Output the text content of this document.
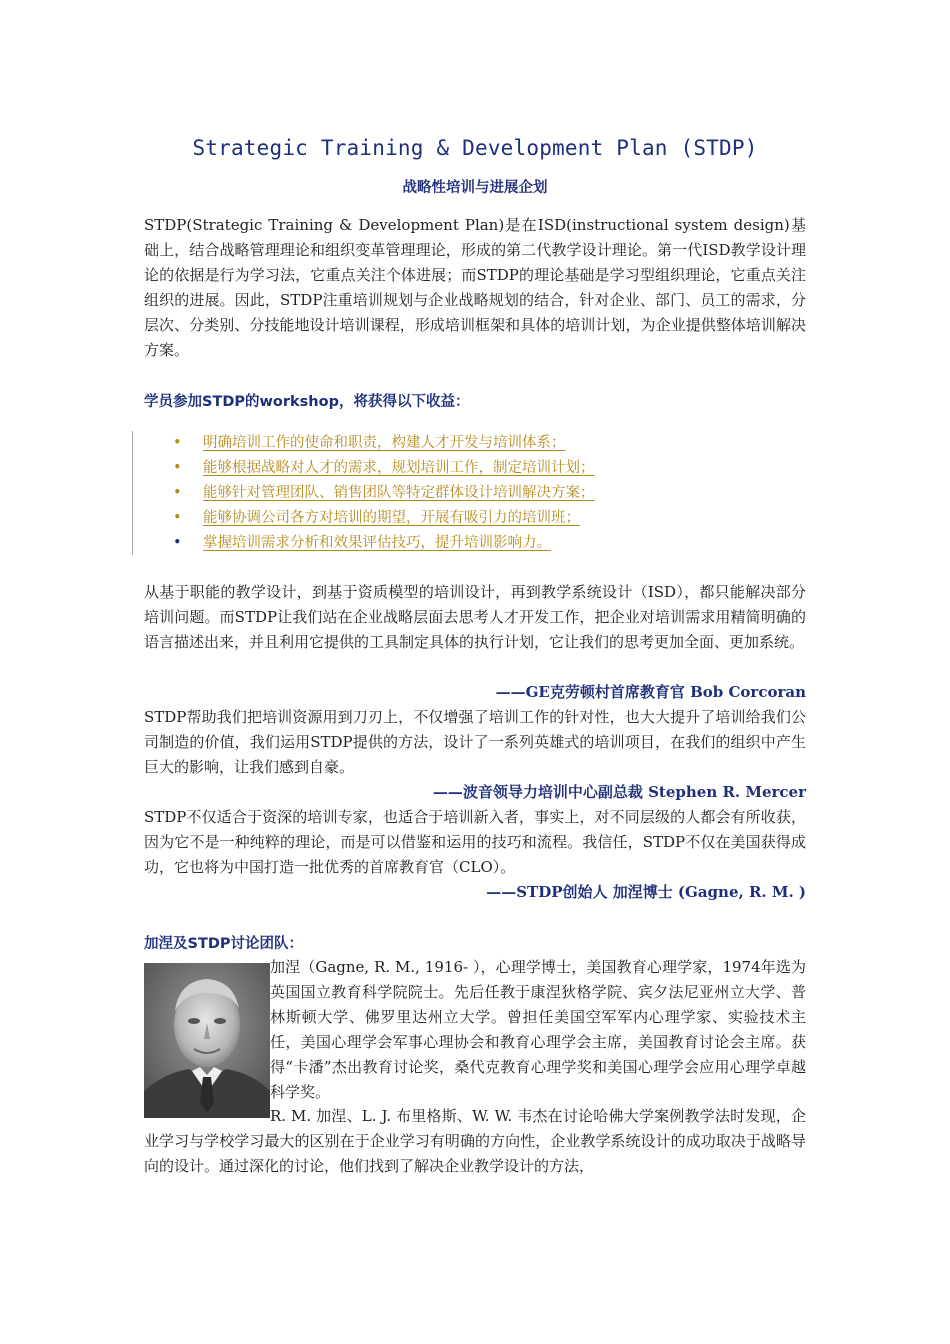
Strategic Training & Development Plan (STDP)
战略性培训与进展企划

STDP(Strategic Training & Development Plan)是在ISD(instructional system design)基础上，结合战略管理理论和组织变革管理理论，形成的第二代教学设计理论。第一代ISD教学设计理论的依据是行为学习法，它重点关注个体进展；而STDP的理论基础是学习型组织理论，它重点关注组织的进展。因此，STDP注重培训规划与企业战略规划的结合，针对企业、部门、员工的需求，分层次、分类别、分技能地设计培训课程，形成培训框架和具体的培训计划，为企业提供整体培训解决方案。

学员参加STDP的workshop，将获得以下收益：

• 明确培训工作的使命和职责，构建人才开发与培训体系；
• 能够根据战略对人才的需求，规划培训工作，制定培训计划；
• 能够针对管理团队、销售团队等特定群体设计培训解决方案；
• 能够协调公司各方对培训的期望，开展有吸引力的培训班；
• 掌握培训需求分析和效果评估技巧，提升培训影响力。

从基于职能的教学设计，到基于资质模型的培训设计，再到教学系统设计（ISD），都只能解决部分培训问题。而STDP让我们站在企业战略层面去思考人才开发工作，把企业对培训需求用精简明确的语言描述出来，并且利用它提供的工具制定具体的执行计划，它让我们的思考更加全面、更加系统。

——GE克劳顿村首席教育官 Bob Corcoran

STDP帮助我们把培训资源用到刀刃上，不仅增强了培训工作的针对性，也大大提升了培训给我们公司制造的价值，我们运用STDP提供的方法，设计了一系列英雄式的培训项目，在我们的组织中产生巨大的影响，让我们感到自豪。

——波音领导力培训中心副总裁 Stephen R. Mercer

STDP不仅适合于资深的培训专家，也适合于培训新入者，事实上，对不同层级的人都会有所收获，因为它不是一种纯粹的理论，而是可以借鉴和运用的技巧和流程。我信任，STDP不仅在美国获得成功，它也将为中国打造一批优秀的首席教育官（CLO）。

——STDP创始人 加涅博士 (Gagne, R. M. )

加涅及STDP讨论团队：

加涅（Gagne, R. M., 1916- ），心理学博士，美国教育心理学家，1974年选为英国国立教育科学院院士。先后任教于康涅狄格学院、宾夕法尼亚州立大学、普林斯顿大学、佛罗里达州立大学。曾担任美国空军军内心理学家、实验技术主任，美国心理学会军事心理协会和教育心理学会主席，美国教育讨论会主席。获得“卡潘”杰出教育讨论奖，桑代克教育心理学奖和美国心理学会应用心理学卓越科学奖。

R. M. 加涅、L. J. 布里格斯、W. W. 韦杰在讨论哈佛大学案例教学法时发现，企业学习与学校学习最大的区别在于企业学习有明确的方向性，企业教学系统设计的成功取决于战略导向的设计。通过深化的讨论，他们找到了解决企业教学设计的方法，
